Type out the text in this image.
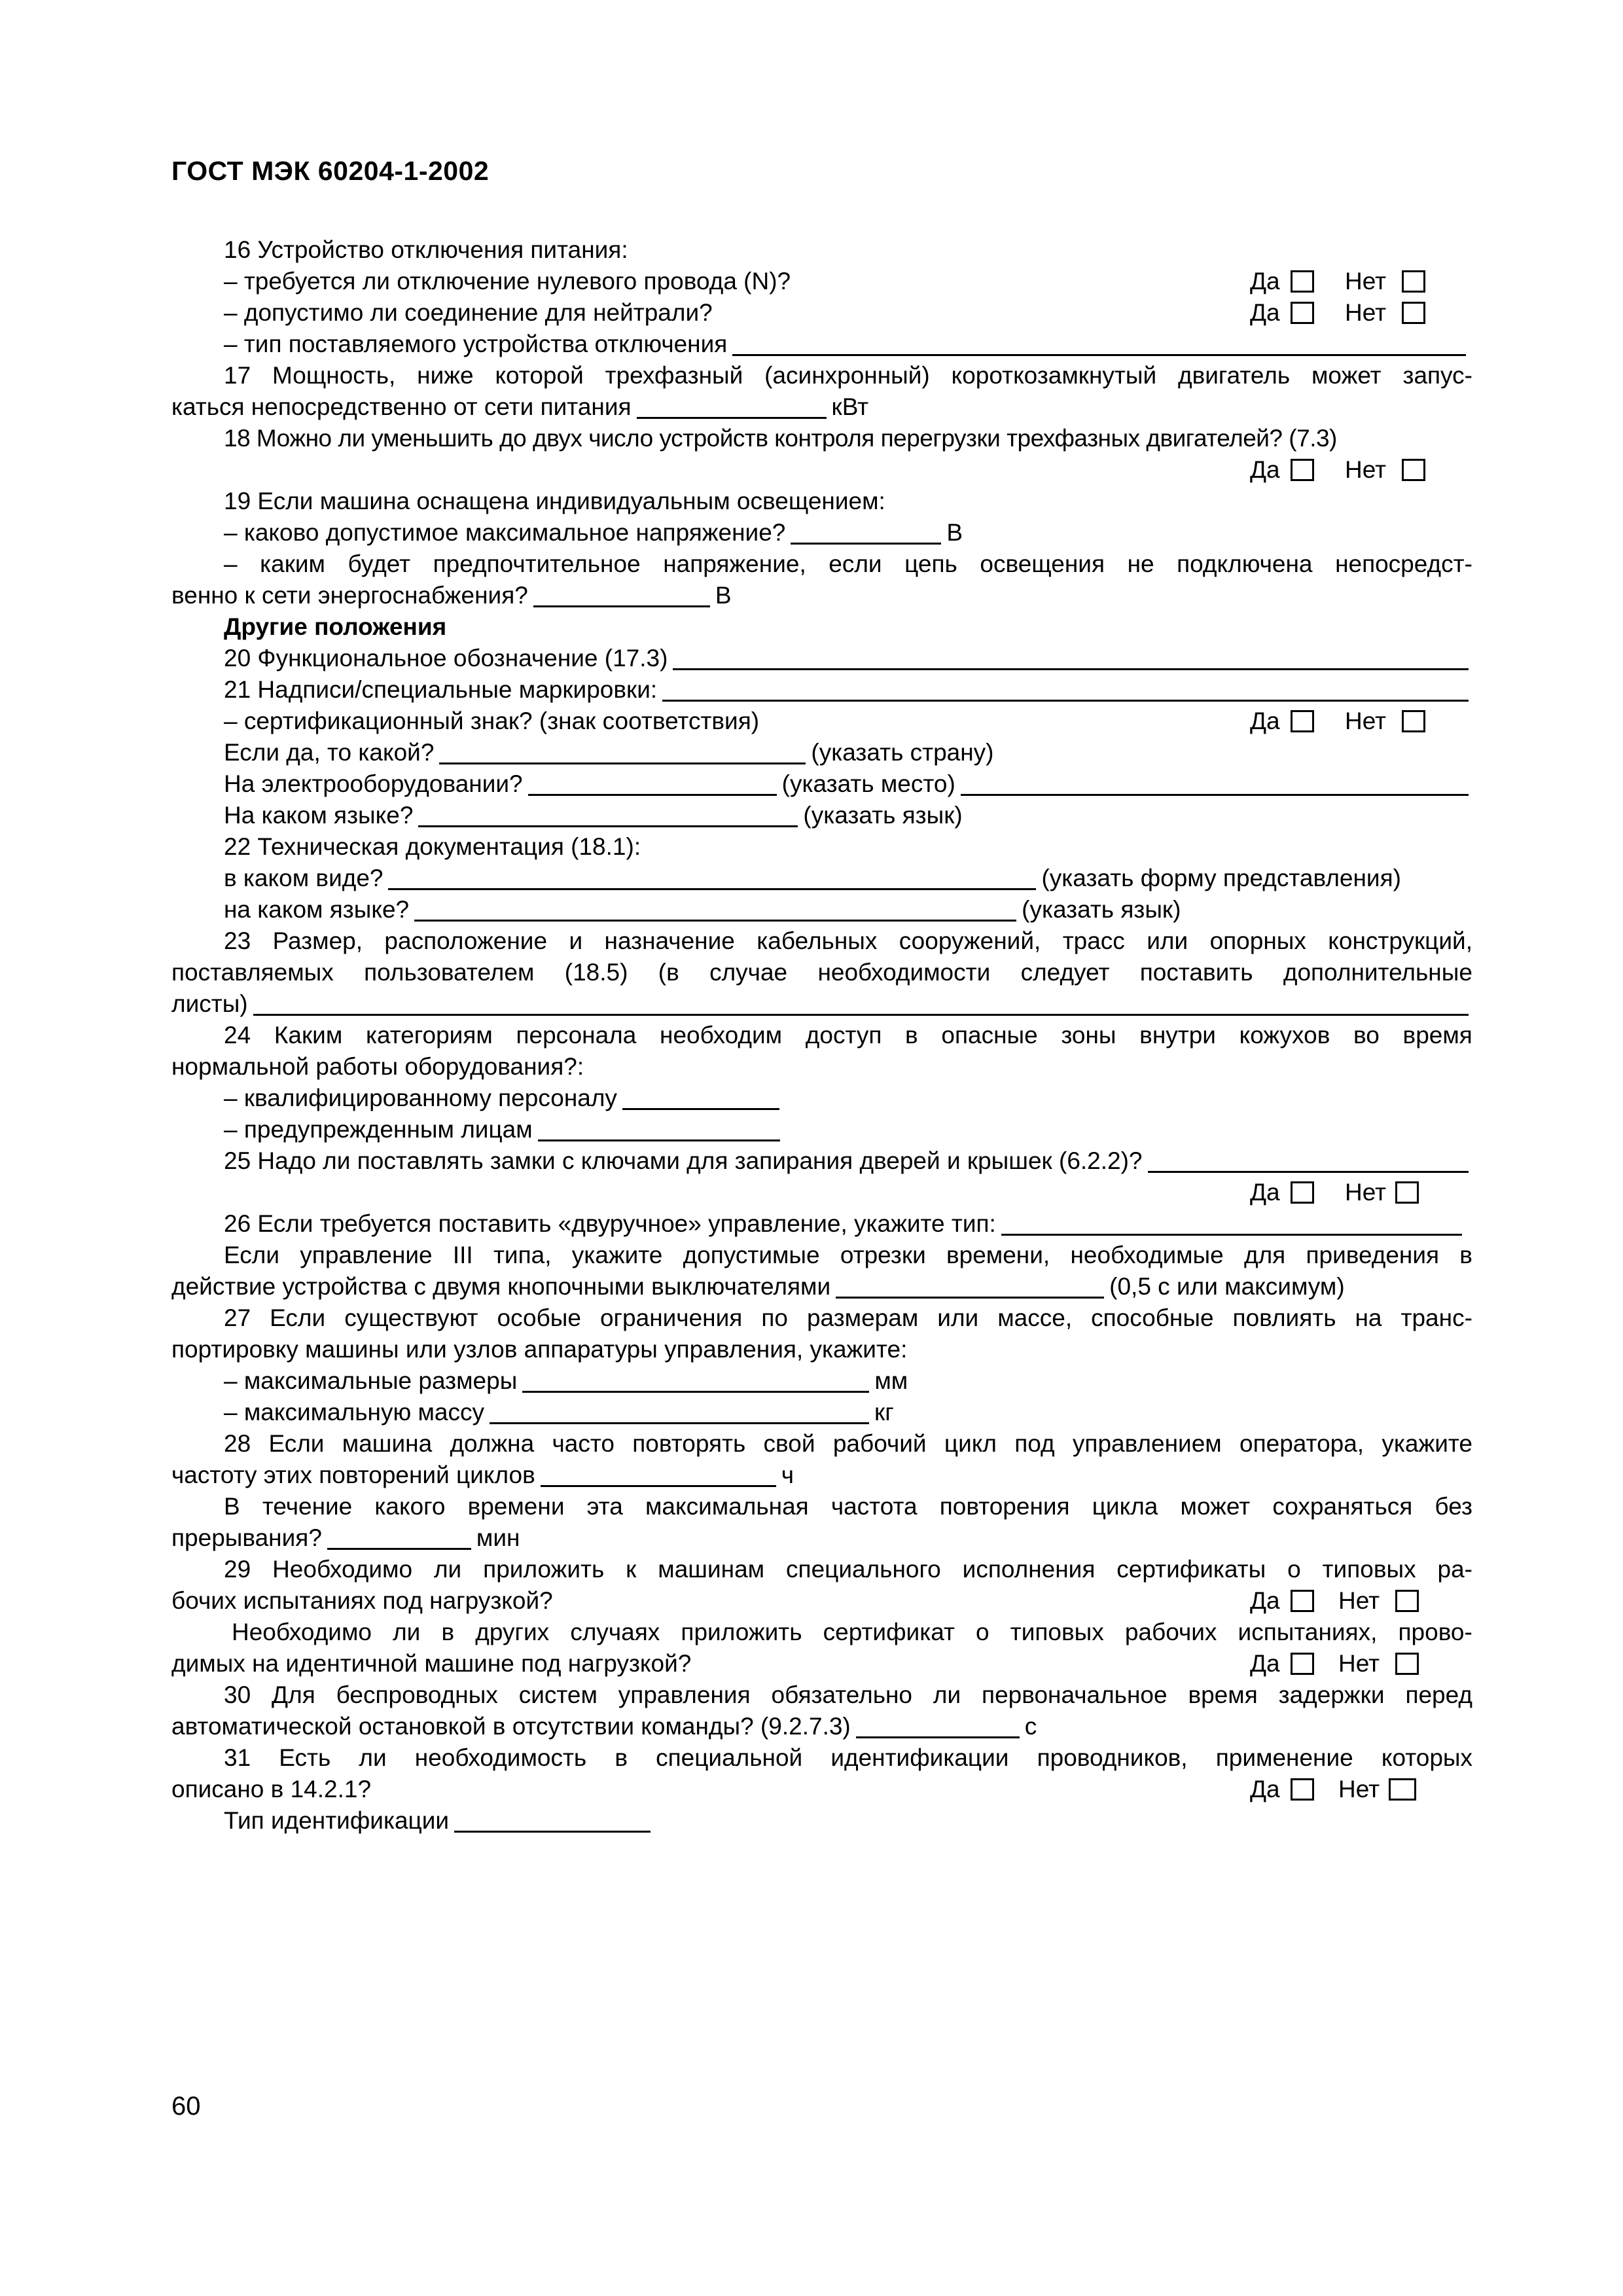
ГОСТ МЭК 60204-1-2002
16 Устройство отключения питания:
– требуется ли отключение нулевого провода (N)?	Да	Нет
– допустимо ли соединение для нейтрали?	Да	Нет
– тип поставляемого устройства отключения
17 Мощность, ниже которой трехфазный (асинхронный) короткозамкнутый двигатель может запус-
каться непосредственно от сети питания	кВт
18 Можно ли уменьшить до двух число устройств контроля перегрузки трехфазных двигателей? (7.3)
Да	Нет
19 Если машина оснащена индивидуальным освещением:
– каково допустимое максимальное напряжение?	В
– каким будет предпочтительное напряжение, если цепь освещения не подключена непосредст-
венно к сети энергоснабжения?	В
Другие положения
20 Функциональное обозначение (17.3)
21 Надписи/специальные маркировки:
– сертификационный знак? (знак соответствия)	Да	Нет
Если да, то какой?	(указать страну)
На электрооборудовании?	(указать место)
На каком языке?	(указать язык)
22 Техническая документация (18.1):
в каком виде?	(указать форму представления)
на каком языке?	(указать язык)
23 Размер, расположение и назначение кабельных сооружений, трасс или опорных конструкций,
поставляемых пользователем (18.5) (в случае необходимости следует поставить дополнительные
листы)
24 Каким категориям персонала необходим доступ в опасные зоны внутри кожухов во время
нормальной работы оборудования?:
– квалифицированному персоналу
– предупрежденным лицам
25 Надо ли поставлять замки с ключами для запирания дверей и крышек (6.2.2)?
Да	Нет
26 Если требуется поставить «двуручное» управление, укажите тип:
Если управление III типа, укажите допустимые отрезки времени, необходимые для приведения в
действие устройства с двумя кнопочными выключателями	(0,5 с или максимум)
27 Если существуют особые ограничения по размерам или массе, способные повлиять на транс-
портировку машины или узлов аппаратуры управления, укажите:
– максимальные размеры	мм
– максимальную массу	кг
28 Если машина должна часто повторять свой рабочий цикл под управлением оператора, укажите
частоту этих повторений циклов	ч
В течение какого времени эта максимальная частота повторения цикла может сохраняться без
прерывания?	мин
29 Необходимо ли приложить к машинам специального исполнения сертификаты о типовых ра-
бочих испытаниях под нагрузкой?	Да Нет
Необходимо ли в других случаях приложить сертификат о типовых рабочих испытаниях, прово-
димых на идентичной машине под нагрузкой?	Да Нет
30 Для беспроводных систем управления обязательно ли первоначальное время задержки перед
автоматической остановкой в отсутствии команды? (9.2.7.3)	с
31 Есть ли необходимость в специальной идентификации проводников, применение которых
описано в 14.2.1?	Да Нет
Тип идентификации
60
